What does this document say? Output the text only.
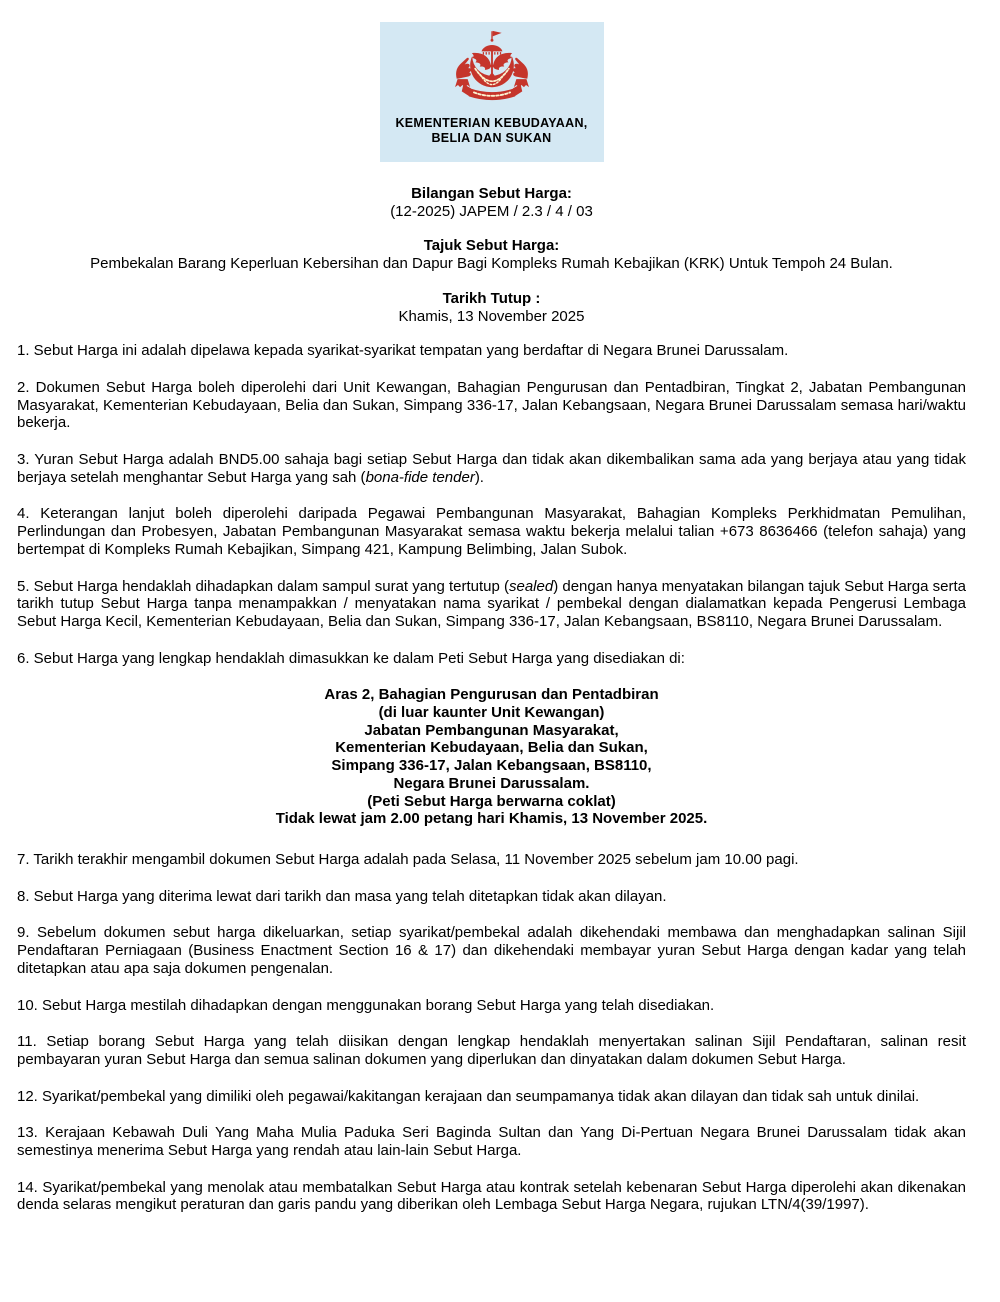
KEMENTERIAN KEBUDAYAAN,
BELIA DAN SUKAN
Bilangan Sebut Harga:
(12-2025) JAPEM / 2.3 / 4 / 03
Tajuk Sebut Harga:
Pembekalan Barang Keperluan Kebersihan dan Dapur Bagi Kompleks Rumah Kebajikan (KRK) Untuk Tempoh 24 Bulan.
Tarikh Tutup :
Khamis, 13 November 2025

1. Sebut Harga ini adalah dipelawa kepada syarikat-syarikat tempatan yang berdaftar di Negara Brunei Darussalam.

2. Dokumen Sebut Harga boleh diperolehi dari Unit Kewangan, Bahagian Pengurusan dan Pentadbiran, Tingkat 2, Jabatan Pembangunan Masyarakat, Kementerian Kebudayaan, Belia dan Sukan, Simpang 336-17, Jalan Kebangsaan, Negara Brunei Darussalam semasa hari/waktu bekerja.

3. Yuran Sebut Harga adalah BND5.00 sahaja bagi setiap Sebut Harga dan tidak akan dikembalikan sama ada yang berjaya atau yang tidak berjaya setelah menghantar Sebut Harga yang sah (bona-fide tender).

4. Keterangan lanjut boleh diperolehi daripada Pegawai Pembangunan Masyarakat, Bahagian Kompleks Perkhidmatan Pemulihan, Perlindungan dan Probesyen, Jabatan Pembangunan Masyarakat semasa waktu bekerja melalui talian +673 8636466 (telefon sahaja) yang bertempat di Kompleks Rumah Kebajikan, Simpang 421, Kampung Belimbing, Jalan Subok.

5. Sebut Harga hendaklah dihadapkan dalam sampul surat yang tertutup (sealed) dengan hanya menyatakan bilangan tajuk Sebut Harga serta tarikh tutup Sebut Harga tanpa menampakkan / menyatakan nama syarikat / pembekal dengan dialamatkan kepada Pengerusi Lembaga Sebut Harga Kecil, Kementerian Kebudayaan, Belia dan Sukan, Simpang 336-17, Jalan Kebangsaan, BS8110, Negara Brunei Darussalam.

6. Sebut Harga yang lengkap hendaklah dimasukkan ke dalam Peti Sebut Harga yang disediakan di:

Aras 2, Bahagian Pengurusan dan Pentadbiran
(di luar kaunter Unit Kewangan)
Jabatan Pembangunan Masyarakat,
Kementerian Kebudayaan, Belia dan Sukan,
Simpang 336-17, Jalan Kebangsaan, BS8110,
Negara Brunei Darussalam.
(Peti Sebut Harga berwarna coklat)
Tidak lewat jam 2.00 petang hari Khamis, 13 November 2025.

7. Tarikh terakhir mengambil dokumen Sebut Harga adalah pada Selasa, 11 November 2025 sebelum jam 10.00 pagi.

8. Sebut Harga yang diterima lewat dari tarikh dan masa yang telah ditetapkan tidak akan dilayan.

9. Sebelum dokumen sebut harga dikeluarkan, setiap syarikat/pembekal adalah dikehendaki membawa dan menghadapkan salinan Sijil Pendaftaran Perniagaan (Business Enactment Section 16 & 17) dan dikehendaki membayar yuran Sebut Harga dengan kadar yang telah ditetapkan atau apa saja dokumen pengenalan.

10. Sebut Harga mestilah dihadapkan dengan menggunakan borang Sebut Harga yang telah disediakan.

11. Setiap borang Sebut Harga yang telah diisikan dengan lengkap hendaklah menyertakan salinan Sijil Pendaftaran, salinan resit pembayaran yuran Sebut Harga dan semua salinan dokumen yang diperlukan dan dinyatakan dalam dokumen Sebut Harga.

12. Syarikat/pembekal yang dimiliki oleh pegawai/kakitangan kerajaan dan seumpamanya tidak akan dilayan dan tidak sah untuk dinilai.

13. Kerajaan Kebawah Duli Yang Maha Mulia Paduka Seri Baginda Sultan dan Yang Di-Pertuan Negara Brunei Darussalam tidak akan semestinya menerima Sebut Harga yang rendah atau lain-lain Sebut Harga.

14. Syarikat/pembekal yang menolak atau membatalkan Sebut Harga atau kontrak setelah kebenaran Sebut Harga diperolehi akan dikenakan denda selaras mengikut peraturan dan garis pandu yang diberikan oleh Lembaga Sebut Harga Negara, rujukan LTN/4(39/1997).
